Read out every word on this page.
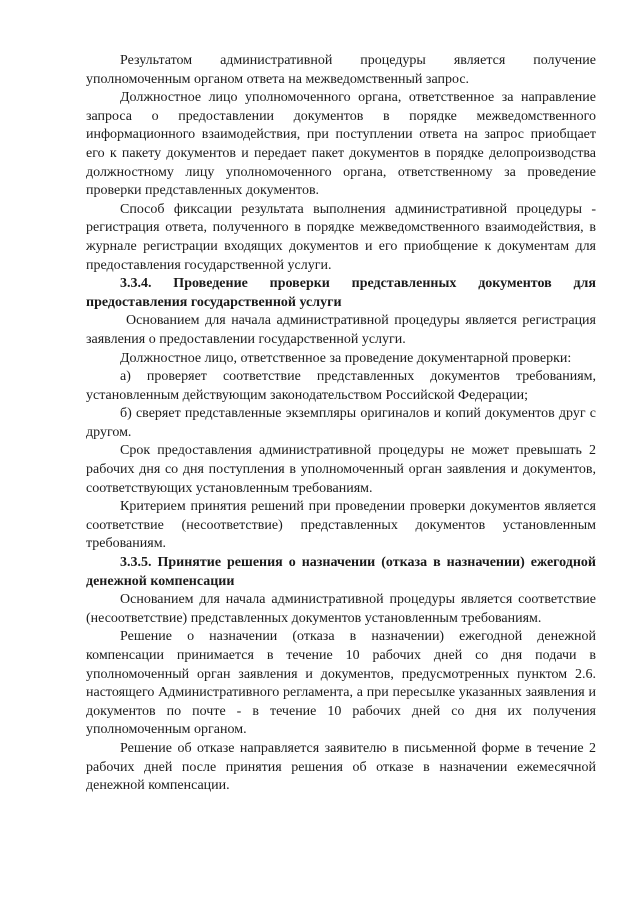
Результатом административной процедуры является получение уполномоченным органом ответа на межведомственный запрос.

Должностное лицо уполномоченного органа, ответственное за направление запроса о предоставлении документов в порядке межведомственного информационного взаимодействия, при поступлении ответа на запрос приобщает его к пакету документов и передает пакет документов в порядке делопроизводства должностному лицу уполномоченного органа, ответственному за проведение проверки представленных документов.

Способ фиксации результата выполнения административной процедуры - регистрация ответа, полученного в порядке межведомственного взаимодействия, в журнале регистрации входящих документов и его приобщение к документам для предоставления государственной услуги.

3.3.4. Проведение проверки представленных документов для предоставления государственной услуги

Основанием для начала административной процедуры является регистрация заявления о предоставлении государственной услуги.

Должностное лицо, ответственное за проведение документарной проверки:

а) проверяет соответствие представленных документов требованиям, установленным действующим законодательством Российской Федерации;

б) сверяет представленные экземпляры оригиналов и копий документов друг с другом.

Срок предоставления административной процедуры не может превышать 2 рабочих дня со дня поступления в уполномоченный орган заявления и документов, соответствующих установленным требованиям.

Критерием принятия решений при проведении проверки документов является соответствие (несоответствие) представленных документов установленным требованиям.

3.3.5. Принятие решения о назначении (отказа в назначении) ежегодной денежной компенсации

Основанием для начала административной процедуры является соответствие (несоответствие) представленных документов установленным требованиям.

Решение о назначении (отказа в назначении) ежегодной денежной компенсации принимается в течение 10 рабочих дней со дня подачи в уполномоченный орган заявления и документов, предусмотренных пунктом 2.6. настоящего Административного регламента, а при пересылке указанных заявления и документов по почте - в течение 10 рабочих дней со дня их получения уполномоченным органом.

Решение об отказе направляется заявителю в письменной форме в течение 2 рабочих дней после принятия решения об отказе в назначении ежемесячной денежной компенсации.
